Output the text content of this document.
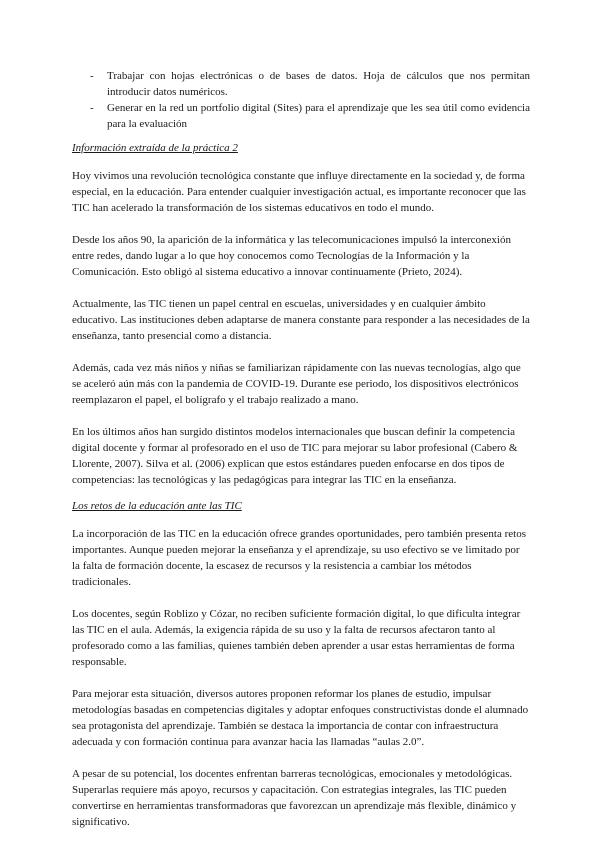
- Trabajar con hojas electrónicas o de bases de datos. Hoja de cálculos que nos permitan introducir datos numéricos.
- Generar en la red un portfolio digital (Sites) para el aprendizaje que les sea útil como evidencia para la evaluación

Información extraída de la práctica 2

Hoy vivimos una revolución tecnológica constante que influye directamente en la sociedad y, de forma especial, en la educación. Para entender cualquier investigación actual, es importante reconocer que las TIC han acelerado la transformación de los sistemas educativos en todo el mundo.

Desde los años 90, la aparición de la informática y las telecomunicaciones impulsó la interconexión entre redes, dando lugar a lo que hoy conocemos como Tecnologías de la Información y la Comunicación. Esto obligó al sistema educativo a innovar continuamente (Prieto, 2024).

Actualmente, las TIC tienen un papel central en escuelas, universidades y en cualquier ámbito educativo. Las instituciones deben adaptarse de manera constante para responder a las necesidades de la enseñanza, tanto presencial como a distancia.

Además, cada vez más niños y niñas se familiarizan rápidamente con las nuevas tecnologías, algo que se aceleró aún más con la pandemia de COVID-19. Durante ese periodo, los dispositivos electrónicos reemplazaron el papel, el bolígrafo y el trabajo realizado a mano.

En los últimos años han surgido distintos modelos internacionales que buscan definir la competencia digital docente y formar al profesorado en el uso de TIC para mejorar su labor profesional (Cabero & Llorente, 2007). Silva et al. (2006) explican que estos estándares pueden enfocarse en dos tipos de competencias: las tecnológicas y las pedagógicas para integrar las TIC en la enseñanza.

Los retos de la educación ante las TIC

La incorporación de las TIC en la educación ofrece grandes oportunidades, pero también presenta retos importantes. Aunque pueden mejorar la enseñanza y el aprendizaje, su uso efectivo se ve limitado por la falta de formación docente, la escasez de recursos y la resistencia a cambiar los métodos tradicionales.

Los docentes, según Roblizo y Cózar, no reciben suficiente formación digital, lo que dificulta integrar las TIC en el aula. Además, la exigencia rápida de su uso y la falta de recursos afectaron tanto al profesorado como a las familias, quienes también deben aprender a usar estas herramientas de forma responsable.

Para mejorar esta situación, diversos autores proponen reformar los planes de estudio, impulsar metodologías basadas en competencias digitales y adoptar enfoques constructivistas donde el alumnado sea protagonista del aprendizaje. También se destaca la importancia de contar con infraestructura adecuada y con formación continua para avanzar hacia las llamadas “aulas 2.0”.

A pesar de su potencial, los docentes enfrentan barreras tecnológicas, emocionales y metodológicas. Superarlas requiere más apoyo, recursos y capacitación. Con estrategias integrales, las TIC pueden convertirse en herramientas transformadoras que favorezcan un aprendizaje más flexible, dinámico y significativo.
